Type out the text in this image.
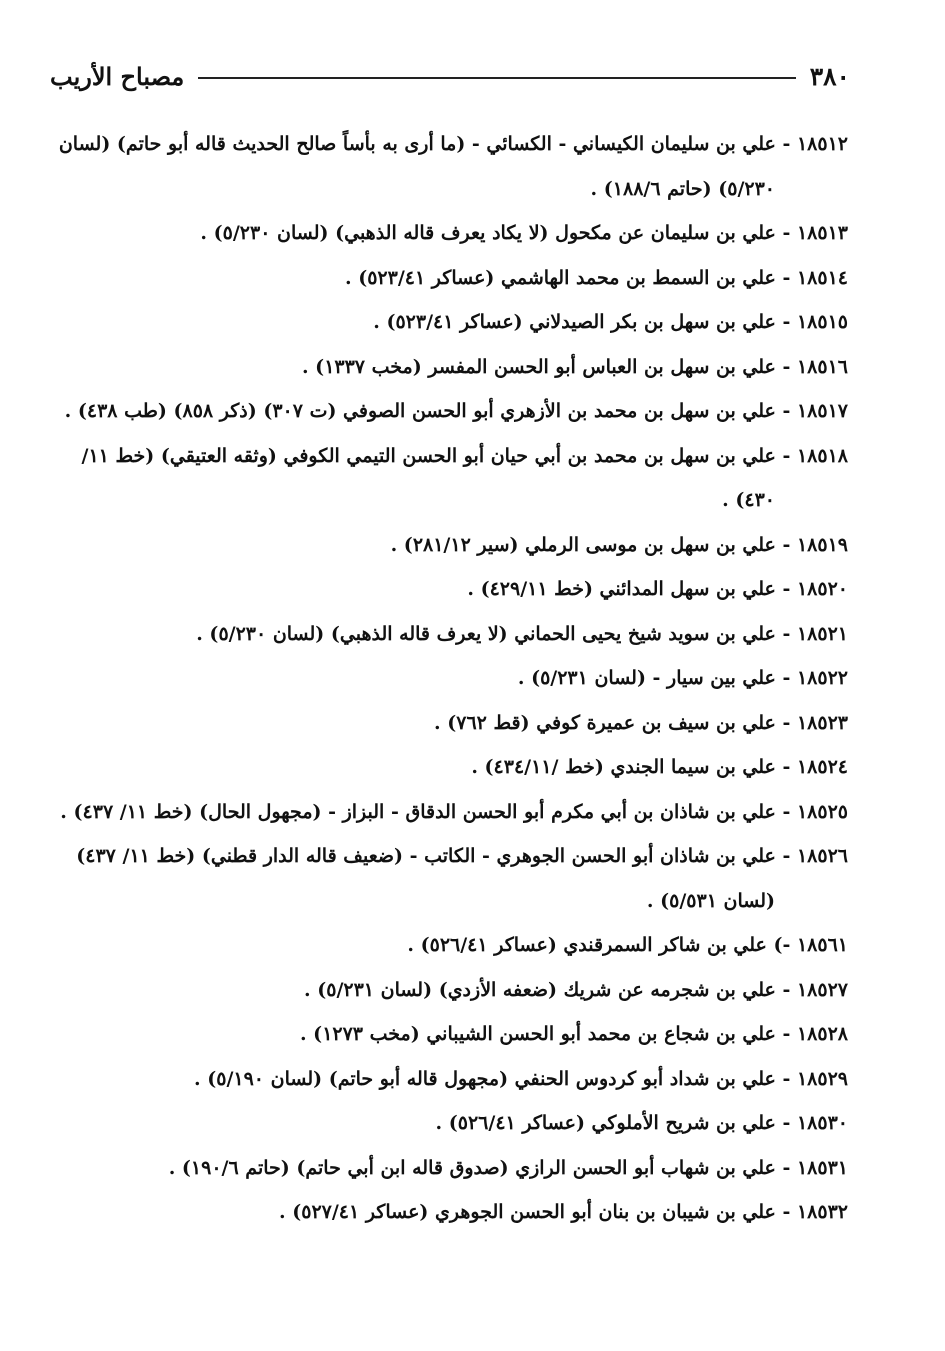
٣٨٠
مصباح الأريب

١٨٥١٢ - علي بن سليمان الكيساني - الكسائي - (ما أرى به بأساً صالح الحديث قاله أبو حاتم) (لسان ٥/٢٣٠) (حاتم ١٨٨/٦) .

١٨٥١٣ - علي بن سليمان عن مكحول (لا يكاد يعرف قاله الذهبي) (لسان ٥/٢٣٠) .

١٨٥١٤ - علي بن السمط بن محمد الهاشمي (عساكر ٥٢٣/٤١) .

١٨٥١٥ - علي بن سهل بن بكر الصيدلاني (عساكر ٥٢٣/٤١) .

١٨٥١٦ - علي بن سهل بن العباس أبو الحسن المفسر (مخب ١٣٣٧) .

١٨٥١٧ - علي بن سهل بن محمد بن الأزهري أبو الحسن الصوفي (ت ٣٠٧) (ذكر ٨٥٨) (طب ٤٣٨) .

١٨٥١٨ - علي بن سهل بن محمد بن أبي حيان أبو الحسن التيمي الكوفي (وثقه العتيقي) (خط ١١/ ٤٣٠) .

١٨٥١٩ - علي بن سهل بن موسى الرملي (سير ٢٨١/١٢) .

١٨٥٢٠ - علي بن سهل المدائني (خط ٤٢٩/١١) .

١٨٥٢١ - علي بن سويد شيخ يحيى الحماني (لا يعرف قاله الذهبي) (لسان ٥/٢٣٠) .

١٨٥٢٢ - علي بين سيار - (لسان ٥/٢٣١) .

١٨٥٢٣ - علي بن سيف بن عميرة كوفي (قط ٧٦٢) .

١٨٥٢٤ - علي بن سيما الجندي (خط /٤٣٤/١١) .

١٨٥٢٥ - علي بن شاذان بن أبي مكرم أبو الحسن الدقاق - البزاز - (مجهول الحال) (خط ١١/ ٤٣٧) .

١٨٥٢٦ - علي بن شاذان أبو الحسن الجوهري - الكاتب - (ضعيف قاله الدار قطني) (خط ١١/ ٤٣٧) (لسان ٥/٥٣١) .

١٨٥٦١ -) علي بن شاكر السمرقندي (عساكر ٥٢٦/٤١) .

١٨٥٢٧ - علي بن شجرمه عن شريك (ضعفه الأزدي) (لسان ٥/٢٣١) .

١٨٥٢٨ - علي بن شجاع بن محمد أبو الحسن الشيباني (مخب ١٢٧٣) .

١٨٥٢٩ - علي بن شداد أبو كردوس الحنفي (مجهول قاله أبو حاتم) (لسان ٥/١٩٠) .

١٨٥٣٠ - علي بن شريح الأملوكي (عساكر ٥٢٦/٤١) .

١٨٥٣١ - علي بن شهاب أبو الحسن الرازي (صدوق قاله ابن أبي حاتم) (حاتم ١٩٠/٦) .

١٨٥٣٢ - علي بن شيبان بن بنان أبو الحسن الجوهري (عساكر ٥٢٧/٤١) .
